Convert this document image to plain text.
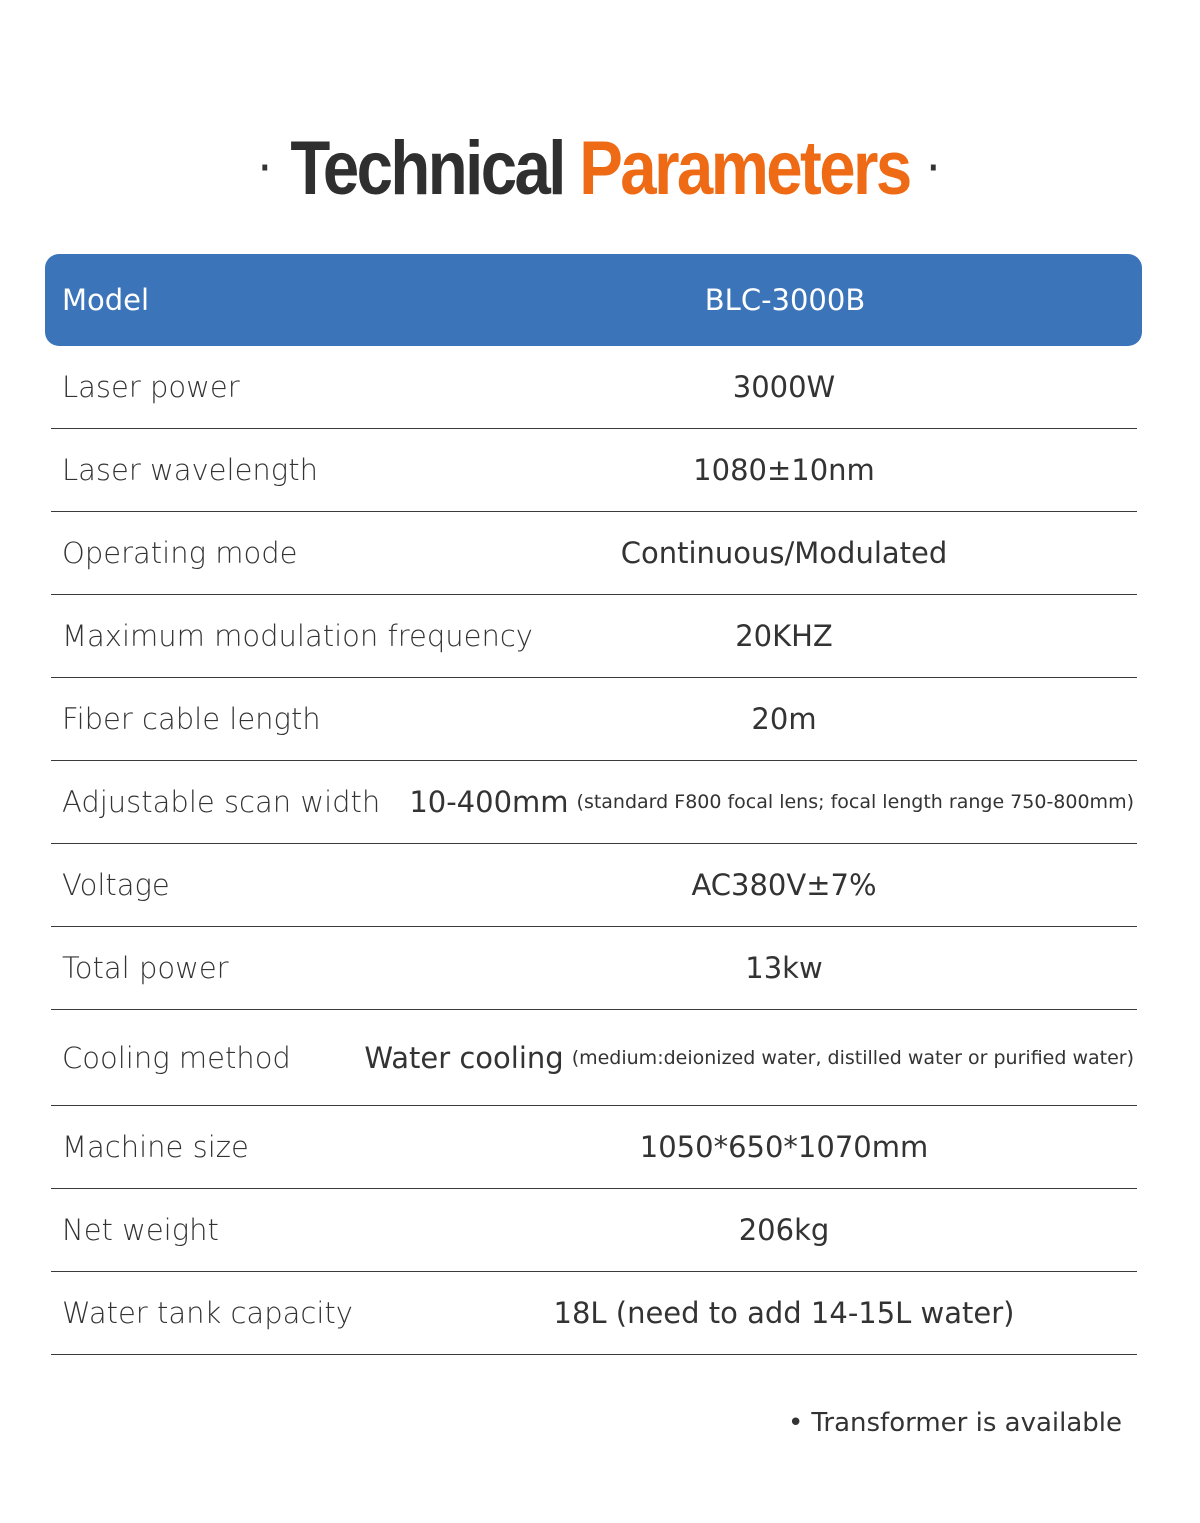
· Technical Parameters ·
Model	BLC-3000B
Laser power	3000W
Laser wavelength	1080±10nm
Operating mode	Continuous/Modulated
Maximum modulation frequency	20KHZ
Fiber cable length	20m
Adjustable scan width 10-400mm (standard F800 focal lens; focal length range 750-800mm)
Voltage	AC380V±7%
Total power	13kw
Cooling method	Water cooling (medium:deionized water, distilled water or purified water)
Machine size	1050*650*1070mm
Net weight	206kg
Water tank capacity	18L (need to add 14-15L water)
• Transformer is available
